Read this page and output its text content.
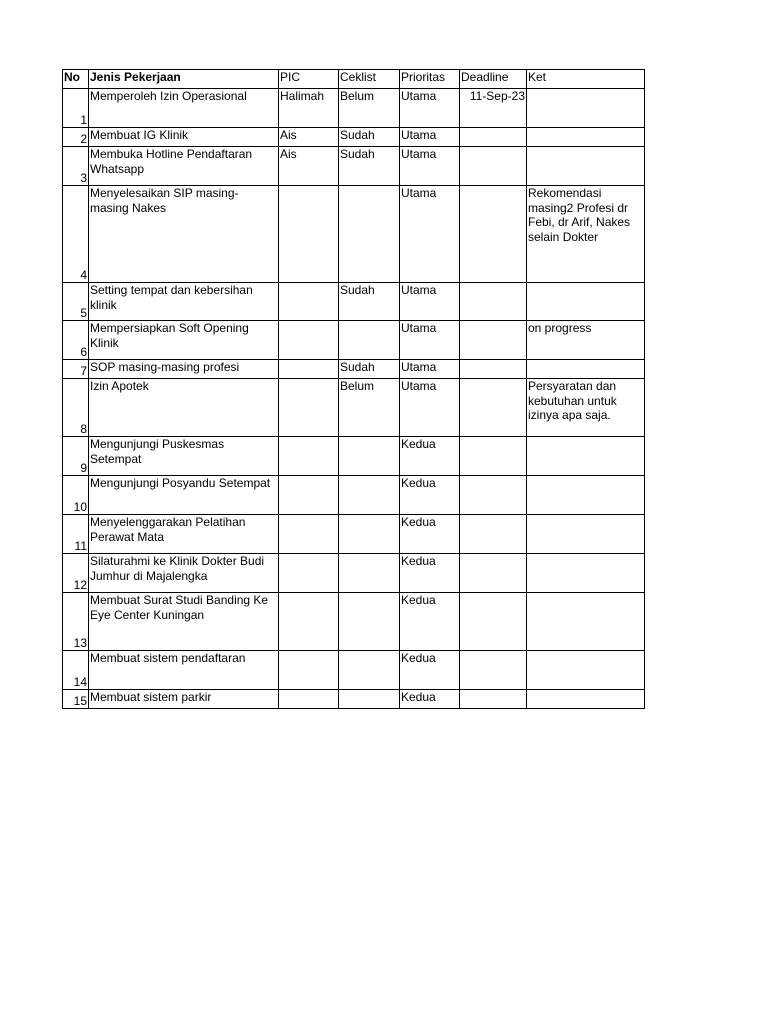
No	Jenis Pekerjaan	PIC	Ceklist	Prioritas	Deadline	Ket
1	Memperoleh Izin Operasional	Halimah	Belum	Utama	11-Sep-23	
2	Membuat IG Klinik	Ais	Sudah	Utama		
3	Membuka Hotline Pendaftaran Whatsapp	Ais	Sudah	Utama		
4	Menyelesaikan SIP masing-masing Nakes			Utama		Rekomendasi masing2 Profesi dr Febi, dr Arif, Nakes selain Dokter
5	Setting tempat dan kebersihan klinik		Sudah	Utama		
6	Mempersiapkan Soft Opening Klinik			Utama		on progress
7	SOP masing-masing profesi		Sudah	Utama		
8	Izin Apotek		Belum	Utama		Persyaratan dan kebutuhan untuk izinya apa saja.
9	Mengunjungi Puskesmas Setempat			Kedua		
10	Mengunjungi Posyandu Setempat			Kedua		
11	Menyelenggarakan Pelatihan Perawat Mata			Kedua		
12	Silaturahmi ke Klinik Dokter Budi Jumhur di Majalengka			Kedua		
13	Membuat Surat Studi Banding Ke Eye Center Kuningan			Kedua		
14	Membuat sistem pendaftaran			Kedua		
15	Membuat sistem parkir			Kedua		
